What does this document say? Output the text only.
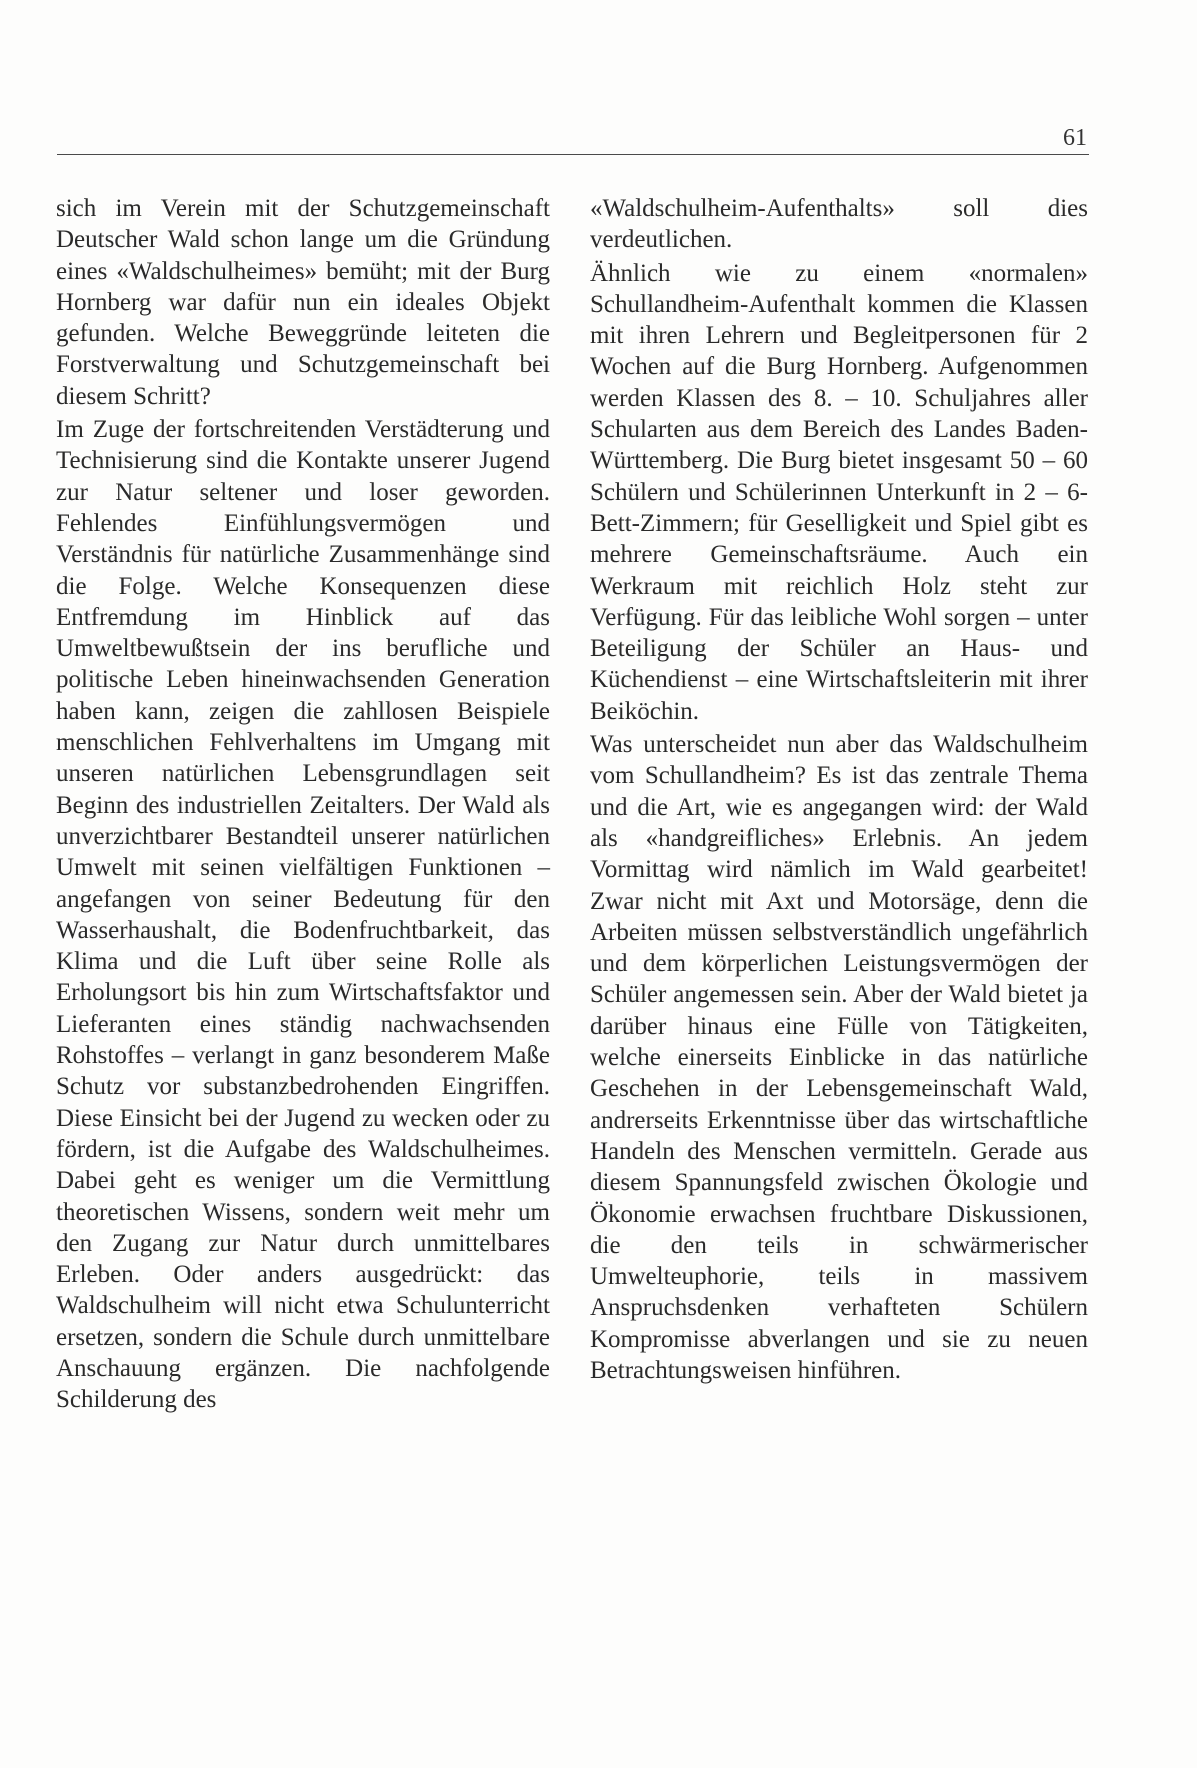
61

sich im Verein mit der Schutzgemeinschaft Deutscher Wald schon lange um die Gründung eines «Waldschulheimes» bemüht; mit der Burg Hornberg war dafür nun ein ideales Objekt gefunden. Welche Beweggründe leiteten die Forstverwaltung und Schutzgemeinschaft bei diesem Schritt?

Im Zuge der fortschreitenden Verstädterung und Technisierung sind die Kontakte unserer Jugend zur Natur seltener und loser geworden. Fehlendes Einfühlungsvermögen und Verständnis für natürliche Zusammenhänge sind die Folge. Welche Konsequenzen diese Entfremdung im Hinblick auf das Umweltbewußtsein der ins berufliche und politische Leben hineinwachsenden Generation haben kann, zeigen die zahllosen Beispiele menschlichen Fehlverhaltens im Umgang mit unseren natürlichen Lebensgrundlagen seit Beginn des industriellen Zeitalters. Der Wald als unverzichtbarer Bestandteil unserer natürlichen Umwelt mit seinen vielfältigen Funktionen – angefangen von seiner Bedeutung für den Wasserhaushalt, die Bodenfruchtbarkeit, das Klima und die Luft über seine Rolle als Erholungsort bis hin zum Wirtschaftsfaktor und Lieferanten eines ständig nachwachsenden Rohstoffes – verlangt in ganz besonderem Maße Schutz vor substanzbedrohenden Eingriffen. Diese Einsicht bei der Jugend zu wecken oder zu fördern, ist die Aufgabe des Waldschulheimes. Dabei geht es weniger um die Vermittlung theoretischen Wissens, sondern weit mehr um den Zugang zur Natur durch unmittelbares Erleben. Oder anders ausgedrückt: das Waldschulheim will nicht etwa Schulunterricht ersetzen, sondern die Schule durch unmittelbare Anschauung ergänzen. Die nachfolgende Schilderung des

«Waldschulheim-Aufenthalts» soll dies verdeutlichen.

Ähnlich wie zu einem «normalen» Schullandheim-Aufenthalt kommen die Klassen mit ihren Lehrern und Begleitpersonen für 2 Wochen auf die Burg Hornberg. Aufgenommen werden Klassen des 8. – 10. Schuljahres aller Schularten aus dem Bereich des Landes Baden-Württemberg. Die Burg bietet insgesamt 50 – 60 Schülern und Schülerinnen Unterkunft in 2 – 6-Bett-Zimmern; für Geselligkeit und Spiel gibt es mehrere Gemeinschaftsräume. Auch ein Werkraum mit reichlich Holz steht zur Verfügung. Für das leibliche Wohl sorgen – unter Beteiligung der Schüler an Haus- und Küchendienst – eine Wirtschaftsleiterin mit ihrer Beiköchin.

Was unterscheidet nun aber das Waldschulheim vom Schullandheim? Es ist das zentrale Thema und die Art, wie es angegangen wird: der Wald als «handgreifliches» Erlebnis. An jedem Vormittag wird nämlich im Wald gearbeitet! Zwar nicht mit Axt und Motorsäge, denn die Arbeiten müssen selbstverständlich ungefährlich und dem körperlichen Leistungsvermögen der Schüler angemessen sein. Aber der Wald bietet ja darüber hinaus eine Fülle von Tätigkeiten, welche einerseits Einblicke in das natürliche Geschehen in der Lebensgemeinschaft Wald, andrerseits Erkenntnisse über das wirtschaftliche Handeln des Menschen vermitteln. Gerade aus diesem Spannungsfeld zwischen Ökologie und Ökonomie erwachsen fruchtbare Diskussionen, die den teils in schwärmerischer Umwelteuphorie, teils in massivem Anspruchsdenken verhafteten Schülern Kompromisse abverlangen und sie zu neuen Betrachtungsweisen hinführen.
